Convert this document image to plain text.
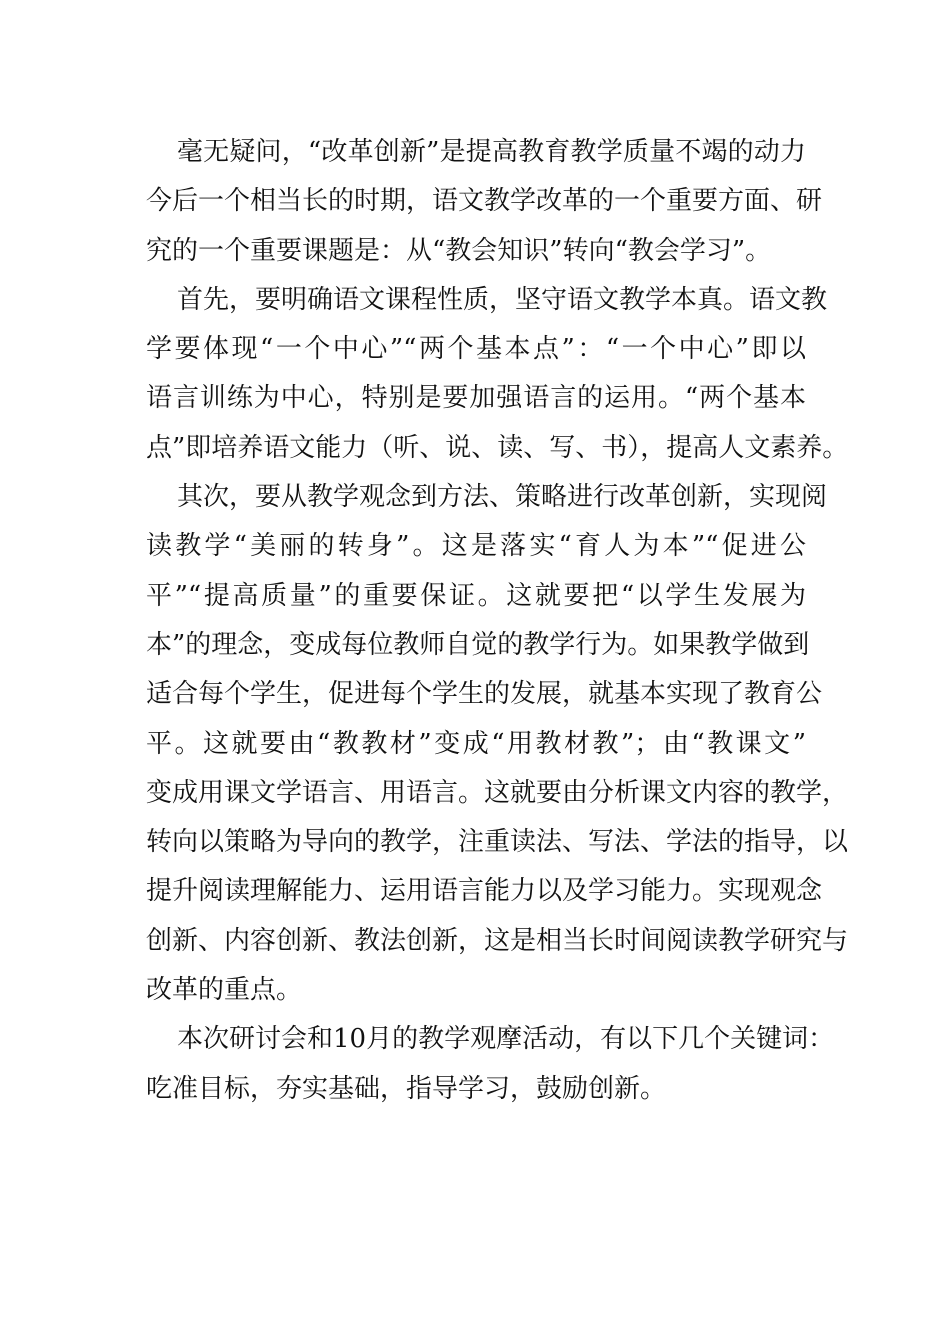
毫无疑问，“改革创新”是提高教育教学质量不竭的动力
今后一个相当长的时期，语文教学改革的一个重要方面、研
究的一个重要课题是：从“教会知识”转向“教会学习”。
首先，要明确语文课程性质，坚守语文教学本真。语文教
学要体现“一个中心”“两个基本点”：“一个中心”即以
语言训练为中心，特别是要加强语言的运用。“两个基本
点”即培养语文能力（听、说、读、写、书），提高人文素养。
其次，要从教学观念到方法、策略进行改革创新，实现阅
读教学“美丽的转身”。这是落实“育人为本”“促进公
平”“提高质量”的重要保证。这就要把“以学生发展为
本”的理念，变成每位教师自觉的教学行为。如果教学做到
适合每个学生，促进每个学生的发展，就基本实现了教育公
平。这就要由“教教材”变成“用教材教”；由“教课文”
变成用课文学语言、用语言。这就要由分析课文内容的教学，
转向以策略为导向的教学，注重读法、写法、学法的指导，以
提升阅读理解能力、运用语言能力以及学习能力。实现观念
创新、内容创新、教法创新，这是相当长时间阅读教学研究与
改革的重点。
本次研讨会和10月的教学观摩活动，有以下几个关键词：
吃准目标，夯实基础，指导学习，鼓励创新。
